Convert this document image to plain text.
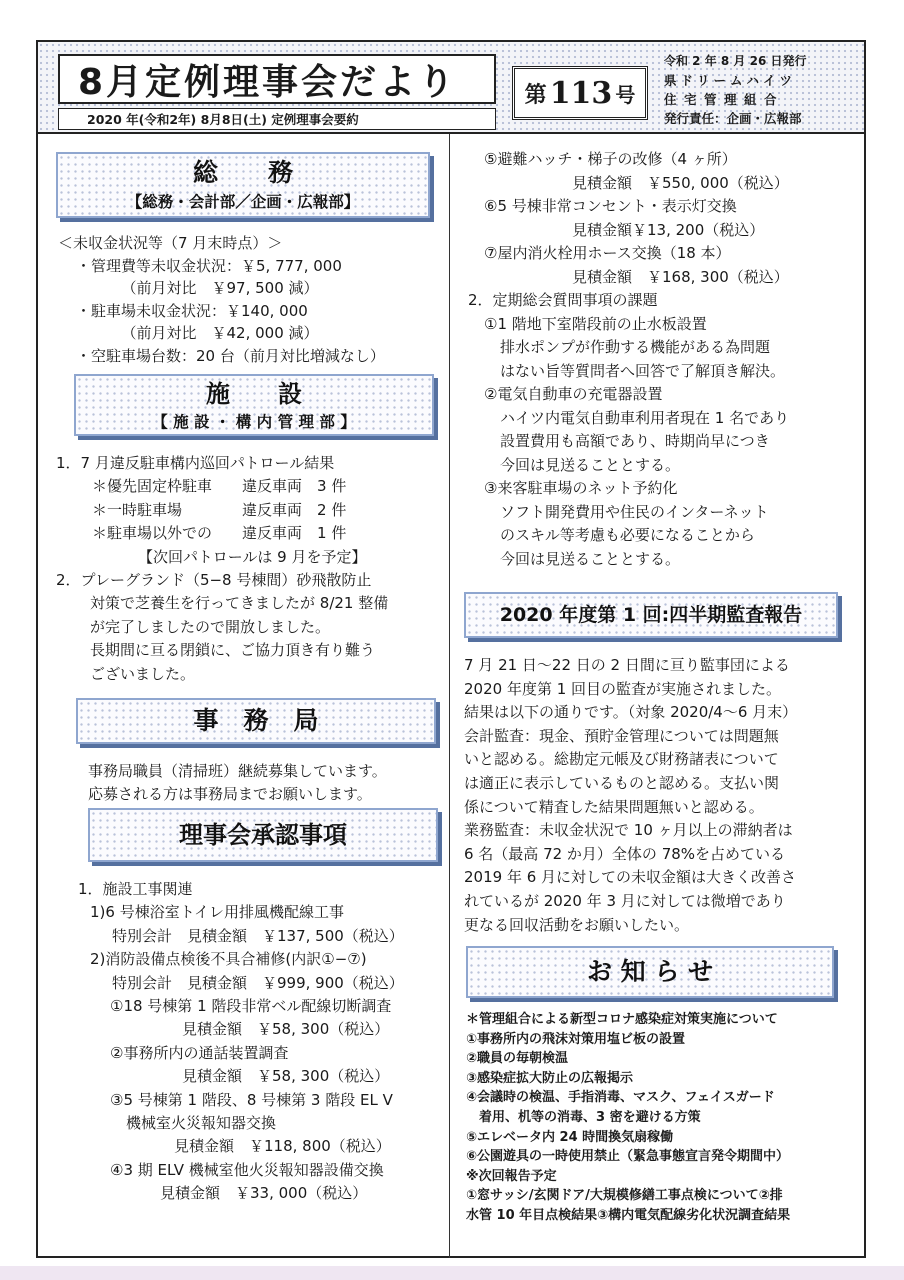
8月定例理事会だより
2020 年(令和2年) 8月8日(土) 定例理事会要約
第 113 号
令和 2 年 8 月 26 日発行
県ドリームハイツ
住宅管理組合
発行責任：企画・広報部
総　　務
【総務・会計部／企画・広報部】
＜未収金状況等（7 月末時点）＞
・管理費等未収金状況：￥5, 777, 000
　（前月対比　￥97, 500 減）
・駐車場未収金状況：￥140, 000
　（前月対比　￥42, 000 減）
・空駐車場台数：20 台（前月対比増減なし）
施　　設
【 施 設 ・ 構 内 管 理 部 】
1．7 月違反駐車構内巡回パトロール結果
＊優先固定枠駐車　　違反車両　3 件
＊一時駐車場　　　　違反車両　2 件
＊駐車場以外での　　違反車両　1 件
【次回パトロールは 9 月を予定】
2．プレーグランド（5−8 号棟間）砂飛散防止
対策で芝養生を行ってきましたが 8/21 整備
が完了しましたので開放しました。
長期間に亘る閉鎖に、ご協力頂き有り難う
ございました。
事　務　局
事務局職員（清掃班）継続募集しています。
応募される方は事務局までお願いします。
理事会承認事項
1．施設工事関連
1)6 号棟浴室トイレ用排風機配線工事
特別会計　見積金額　￥137, 500（税込）
2)消防設備点検後不具合補修(内訳①−⑦)
特別会計　見積金額　￥999, 900（税込）
①18 号棟第 1 階段非常ベル配線切断調査
見積金額　￥58, 300（税込）
②事務所内の通話装置調査
見積金額　￥58, 300（税込）
③5 号棟第 1 階段、8 号棟第 3 階段 EL V
機械室火災報知器交換
見積金額　￥118, 800（税込）
④3 期 ELV 機械室他火災報知器設備交換
見積金額　￥33, 000（税込）
⑤避難ハッチ・梯子の改修（4 ヶ所）
見積金額　￥550, 000（税込）
⑥5 号棟非常コンセント・表示灯交換
見積金額￥13, 200（税込）
⑦屋内消火栓用ホース交換（18 本）
見積金額　￥168, 300（税込）
2．定期総会質問事項の課題
①1 階地下室階段前の止水板設置
排水ポンプが作動する機能がある為問題
はない旨等質問者へ回答で了解頂き解決。
②電気自動車の充電器設置
ハイツ内電気自動車利用者現在 1 名であり
設置費用も高額であり、時期尚早につき
今回は見送ることとする。
③来客駐車場のネット予約化
ソフト開発費用や住民のインターネット
のスキル等考慮も必要になることから
今回は見送ることとする。
2020 年度第 1 回:四半期監査報告
7 月 21 日〜22 日の 2 日間に亘り監事団による
2020 年度第 1 回目の監査が実施されました。
結果は以下の通りです。（対象 2020/4〜6 月末）
会計監査：現金、預貯金管理については問題無
いと認める。総勘定元帳及び財務諸表について
は適正に表示しているものと認める。支払い関
係について精査した結果問題無いと認める。
業務監査：未収金状況で 10 ヶ月以上の滞納者は
6 名（最高 72 か月）全体の 78%を占めている
2019 年 6 月に対しての未収金額は大きく改善さ
れているが 2020 年 3 月に対しては微増であり
更なる回収活動をお願いしたい。
お 知 ら せ
＊管理組合による新型コロナ感染症対策実施について
①事務所内の飛沫対策用塩ビ板の設置
②職員の毎朝検温
③感染症拡大防止の広報掲示
④会議時の検温、手指消毒、マスク、フェイスガード
　着用、机等の消毒、3 密を避ける方策
⑤エレベータ内 24 時間換気扇稼働
⑥公園遊具の一時使用禁止（緊急事態宣言発令期間中）
※次回報告予定
①窓サッシ/玄関ドア/大規模修繕工事点検について②排
水管 10 年目点検結果③構内電気配線劣化状況調査結果
